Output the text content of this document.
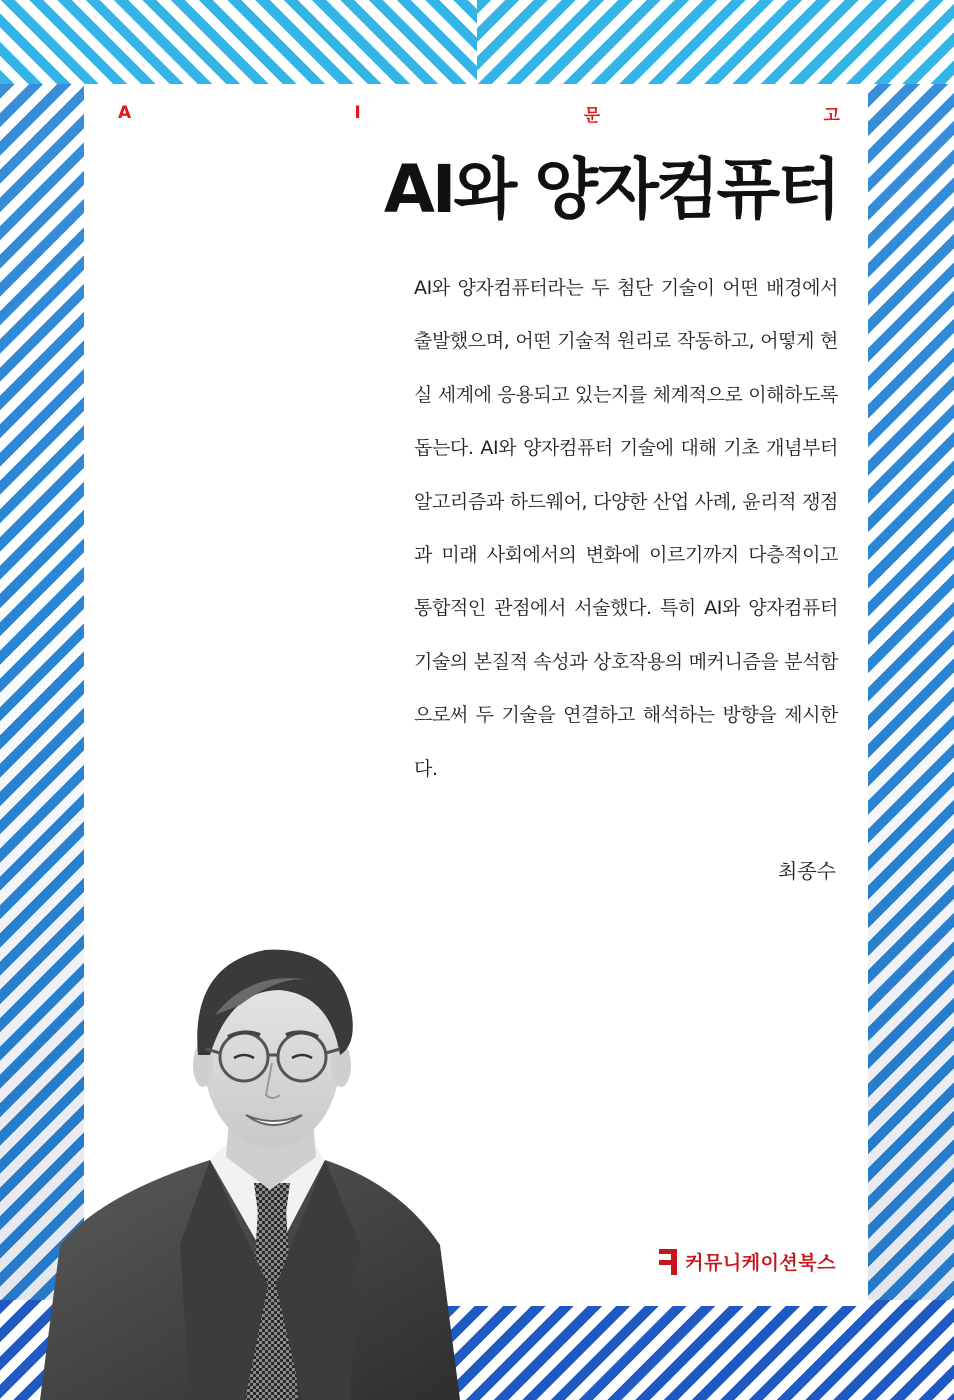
A	I	문	고
AI와 양자컴퓨터

AI와 양자컴퓨터라는 두 첨단 기술이 어떤 배경에서 출발했으며, 어떤 기술적 원리로 작동하고, 어떻게 현실 세계에 응용되고 있는지를 체계적으로 이해하도록 돕는다. AI와 양자컴퓨터 기술에 대해 기초 개념부터 알고리즘과 하드웨어, 다양한 산업 사례, 윤리적 쟁점과 미래 사회에서의 변화에 이르기까지 다층적이고 통합적인 관점에서 서술했다. 특히 AI와 양자컴퓨터 기술의 본질적 속성과 상호작용의 메커니즘을 분석함으로써 두 기술을 연결하고 해석하는 방향을 제시한다.

최종수

커뮤니케이션북스
